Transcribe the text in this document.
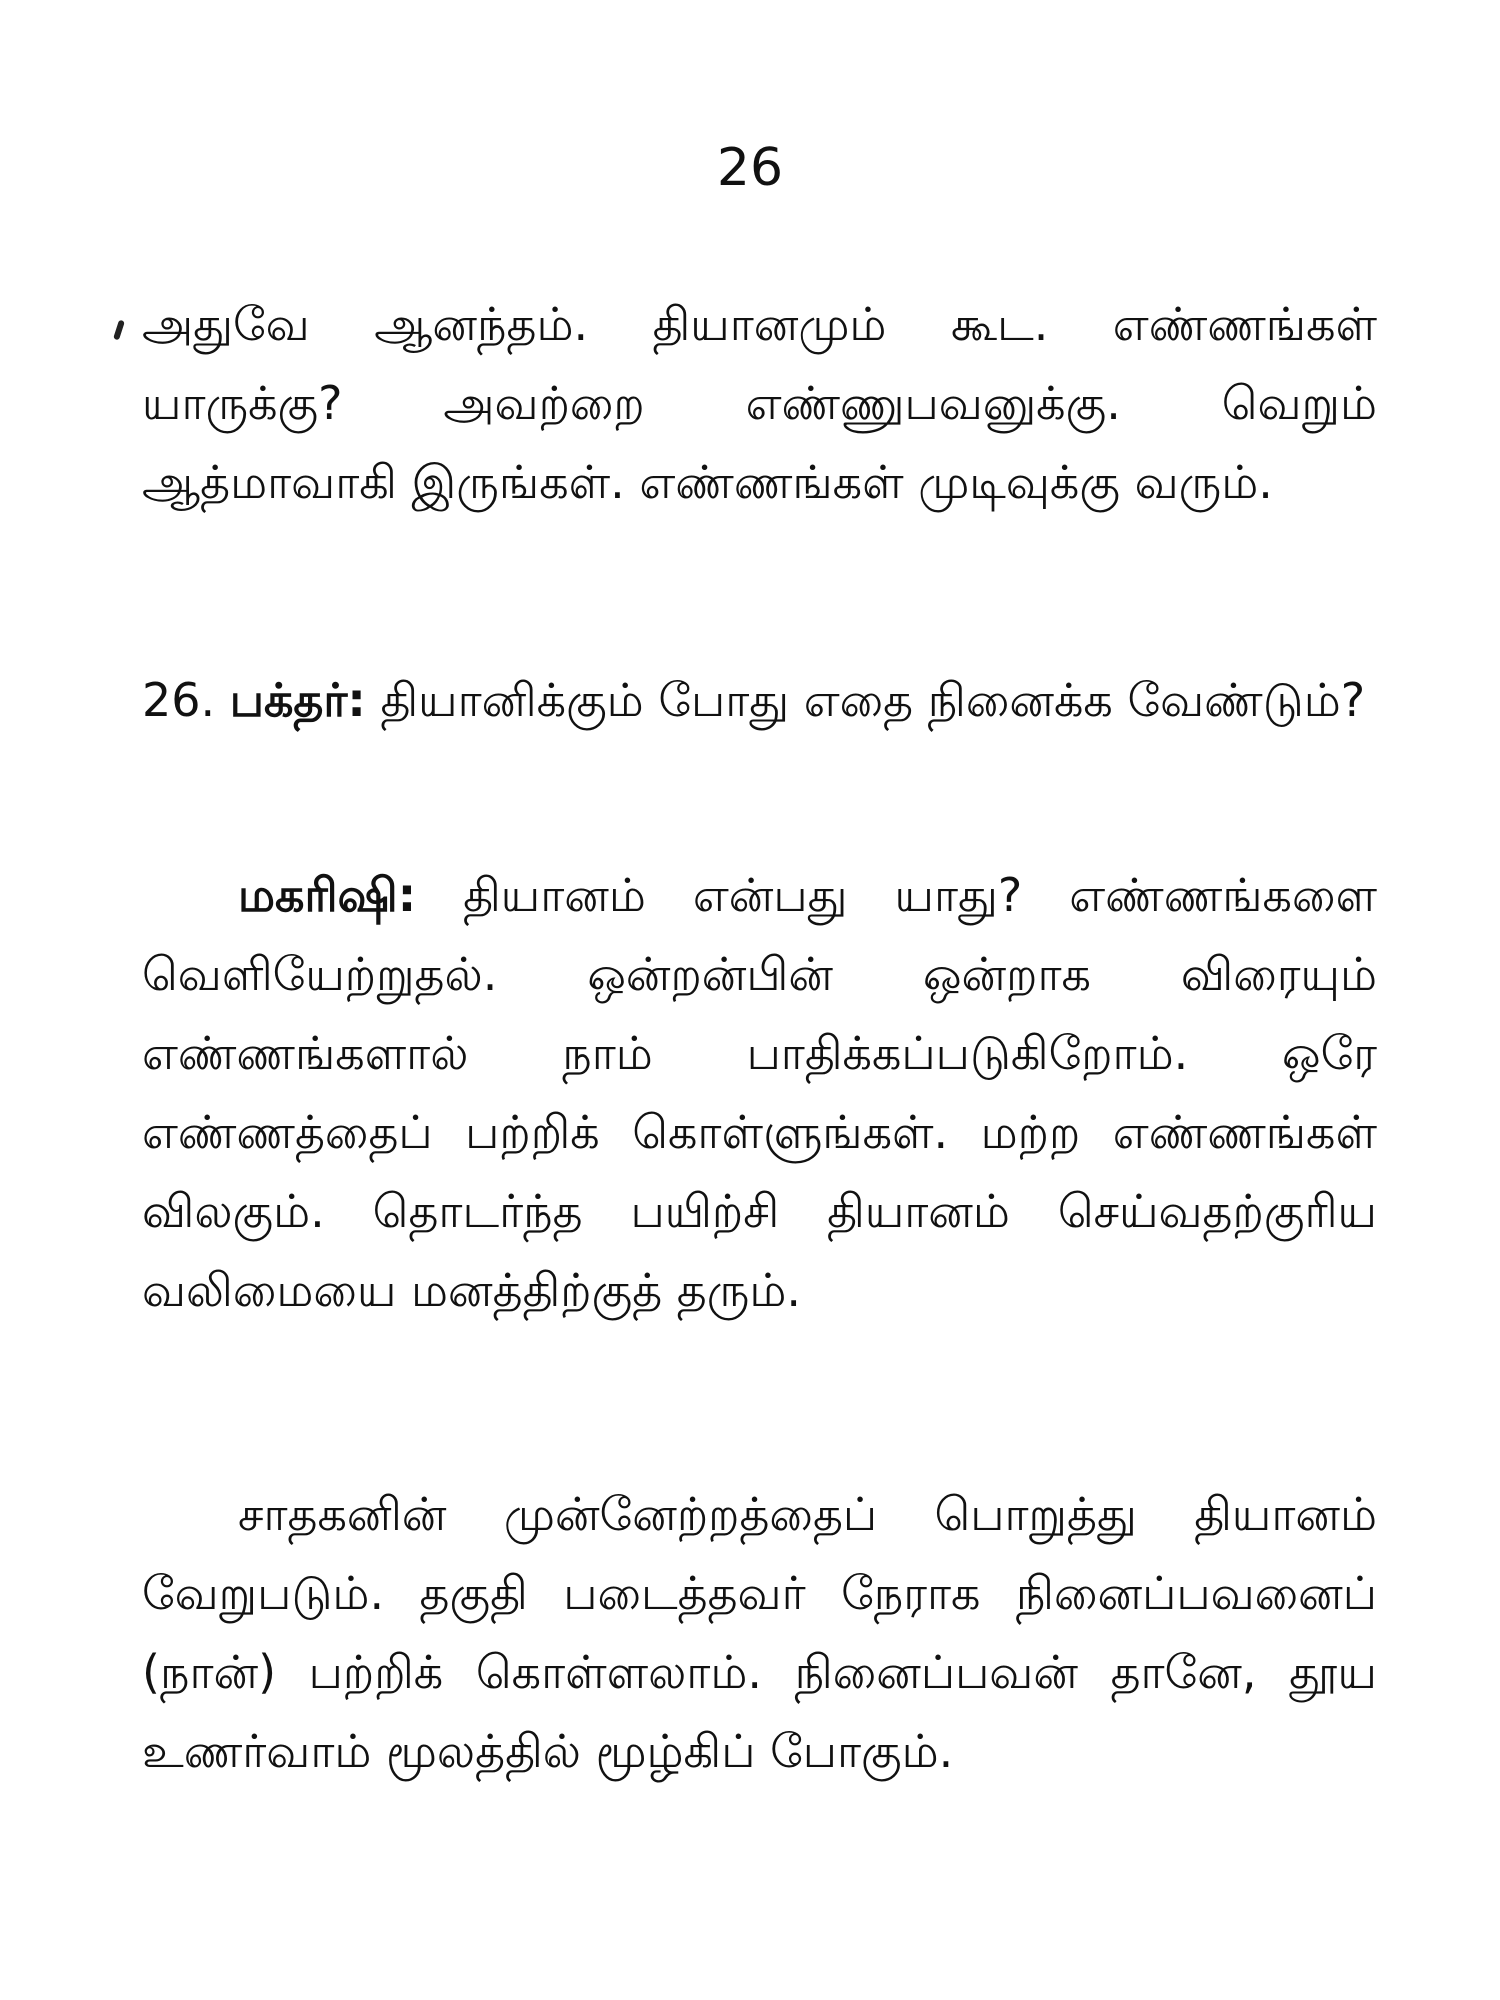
26

அதுவே ஆனந்தம். தியானமும் கூட. எண்ணங்கள் யாருக்கு? அவற்றை எண்ணுபவனுக்கு. வெறும் ஆத்மாவாகி இருங்கள். எண்ணங்கள் முடிவுக்கு வரும்.

26. பக்தர்: தியானிக்கும் போது எதை நினைக்க வேண்டும்?

மகரிஷி: தியானம் என்பது யாது? எண்ணங்களை வெளியேற்றுதல். ஒன்றன்பின் ஒன்றாக விரையும் எண்ணங்களால் நாம் பாதிக்கப்படுகிறோம். ஒரே எண்ணத்தைப் பற்றிக் கொள்ளுங்கள். மற்ற எண்ணங்கள் விலகும். தொடர்ந்த பயிற்சி தியானம் செய்வதற்குரிய வலிமையை மனத்திற்குத் தரும்.

சாதகனின் முன்னேற்றத்தைப் பொறுத்து தியானம் வேறுபடும். தகுதி படைத்தவர் நேராக நினைப்பவனைப் (நான்) பற்றிக் கொள்ளலாம். நினைப்பவன் தானே, தூய உணர்வாம் மூலத்தில் மூழ்கிப் போகும்.
